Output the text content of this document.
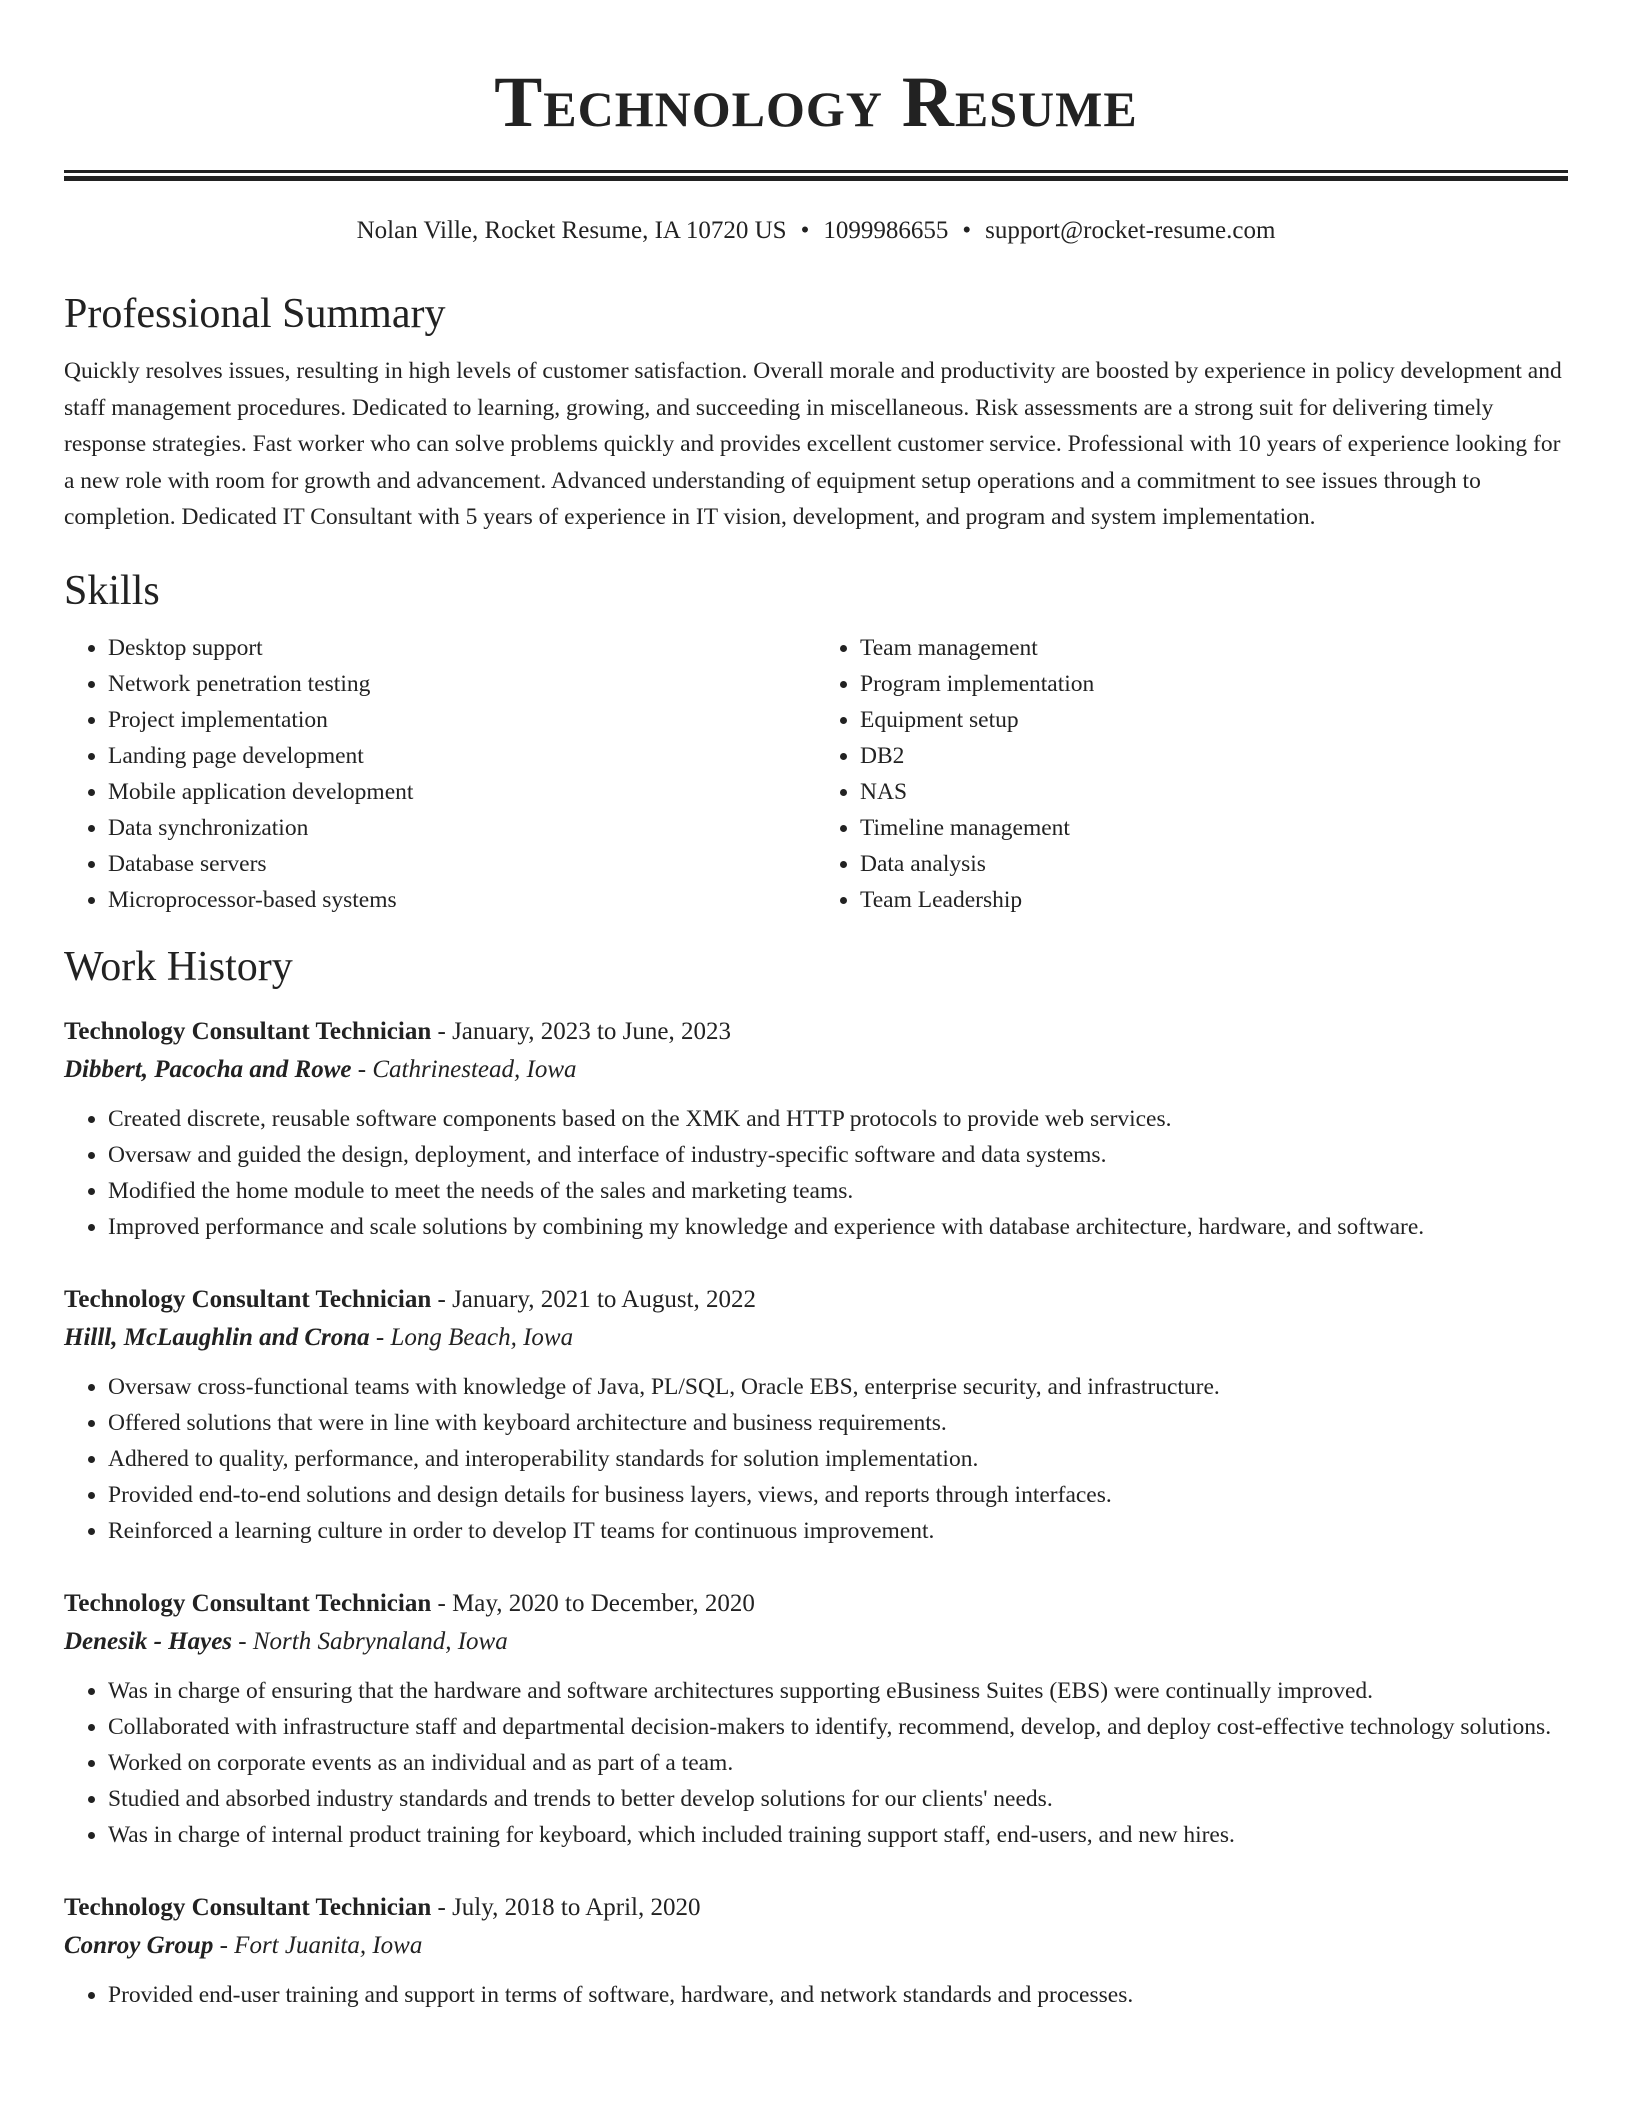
Technology Resume
Nolan Ville, Rocket Resume, IA 10720 US • 1099986655 • support@rocket-resume.com
Professional Summary

Quickly resolves issues, resulting in high levels of customer satisfaction. Overall morale and productivity are boosted by experience in policy development and staff management procedures. Dedicated to learning, growing, and succeeding in miscellaneous. Risk assessments are a strong suit for delivering timely response strategies. Fast worker who can solve problems quickly and provides excellent customer service. Professional with 10 years of experience looking for a new role with room for growth and advancement. Advanced understanding of equipment setup operations and a commitment to see issues through to completion. Dedicated IT Consultant with 5 years of experience in IT vision, development, and program and system implementation.

Skills
• Desktop support
• Network penetration testing
• Project implementation
• Landing page development
• Mobile application development
• Data synchronization
• Database servers
• Microprocessor-based systems
• Team management
• Program implementation
• Equipment setup
• DB2
• NAS
• Timeline management
• Data analysis
• Team Leadership
Work History
Technology Consultant Technician - January, 2023 to June, 2023
Dibbert, Pacocha and Rowe - Cathrinestead, Iowa
• Created discrete, reusable software components based on the XMK and HTTP protocols to provide web services.
• Oversaw and guided the design, deployment, and interface of industry-specific software and data systems.
• Modified the home module to meet the needs of the sales and marketing teams.
• Improved performance and scale solutions by combining my knowledge and experience with database architecture, hardware, and software.
Technology Consultant Technician - January, 2021 to August, 2022
Hilll, McLaughlin and Crona - Long Beach, Iowa
• Oversaw cross-functional teams with knowledge of Java, PL/SQL, Oracle EBS, enterprise security, and infrastructure.
• Offered solutions that were in line with keyboard architecture and business requirements.
• Adhered to quality, performance, and interoperability standards for solution implementation.
• Provided end-to-end solutions and design details for business layers, views, and reports through interfaces.
• Reinforced a learning culture in order to develop IT teams for continuous improvement.
Technology Consultant Technician - May, 2020 to December, 2020
Denesik - Hayes - North Sabrynaland, Iowa
• Was in charge of ensuring that the hardware and software architectures supporting eBusiness Suites (EBS) were continually improved.
• Collaborated with infrastructure staff and departmental decision-makers to identify, recommend, develop, and deploy cost-effective technology solutions.
• Worked on corporate events as an individual and as part of a team.
• Studied and absorbed industry standards and trends to better develop solutions for our clients' needs.
• Was in charge of internal product training for keyboard, which included training support staff, end-users, and new hires.
Technology Consultant Technician - July, 2018 to April, 2020
Conroy Group - Fort Juanita, Iowa
• Provided end-user training and support in terms of software, hardware, and network standards and processes.
